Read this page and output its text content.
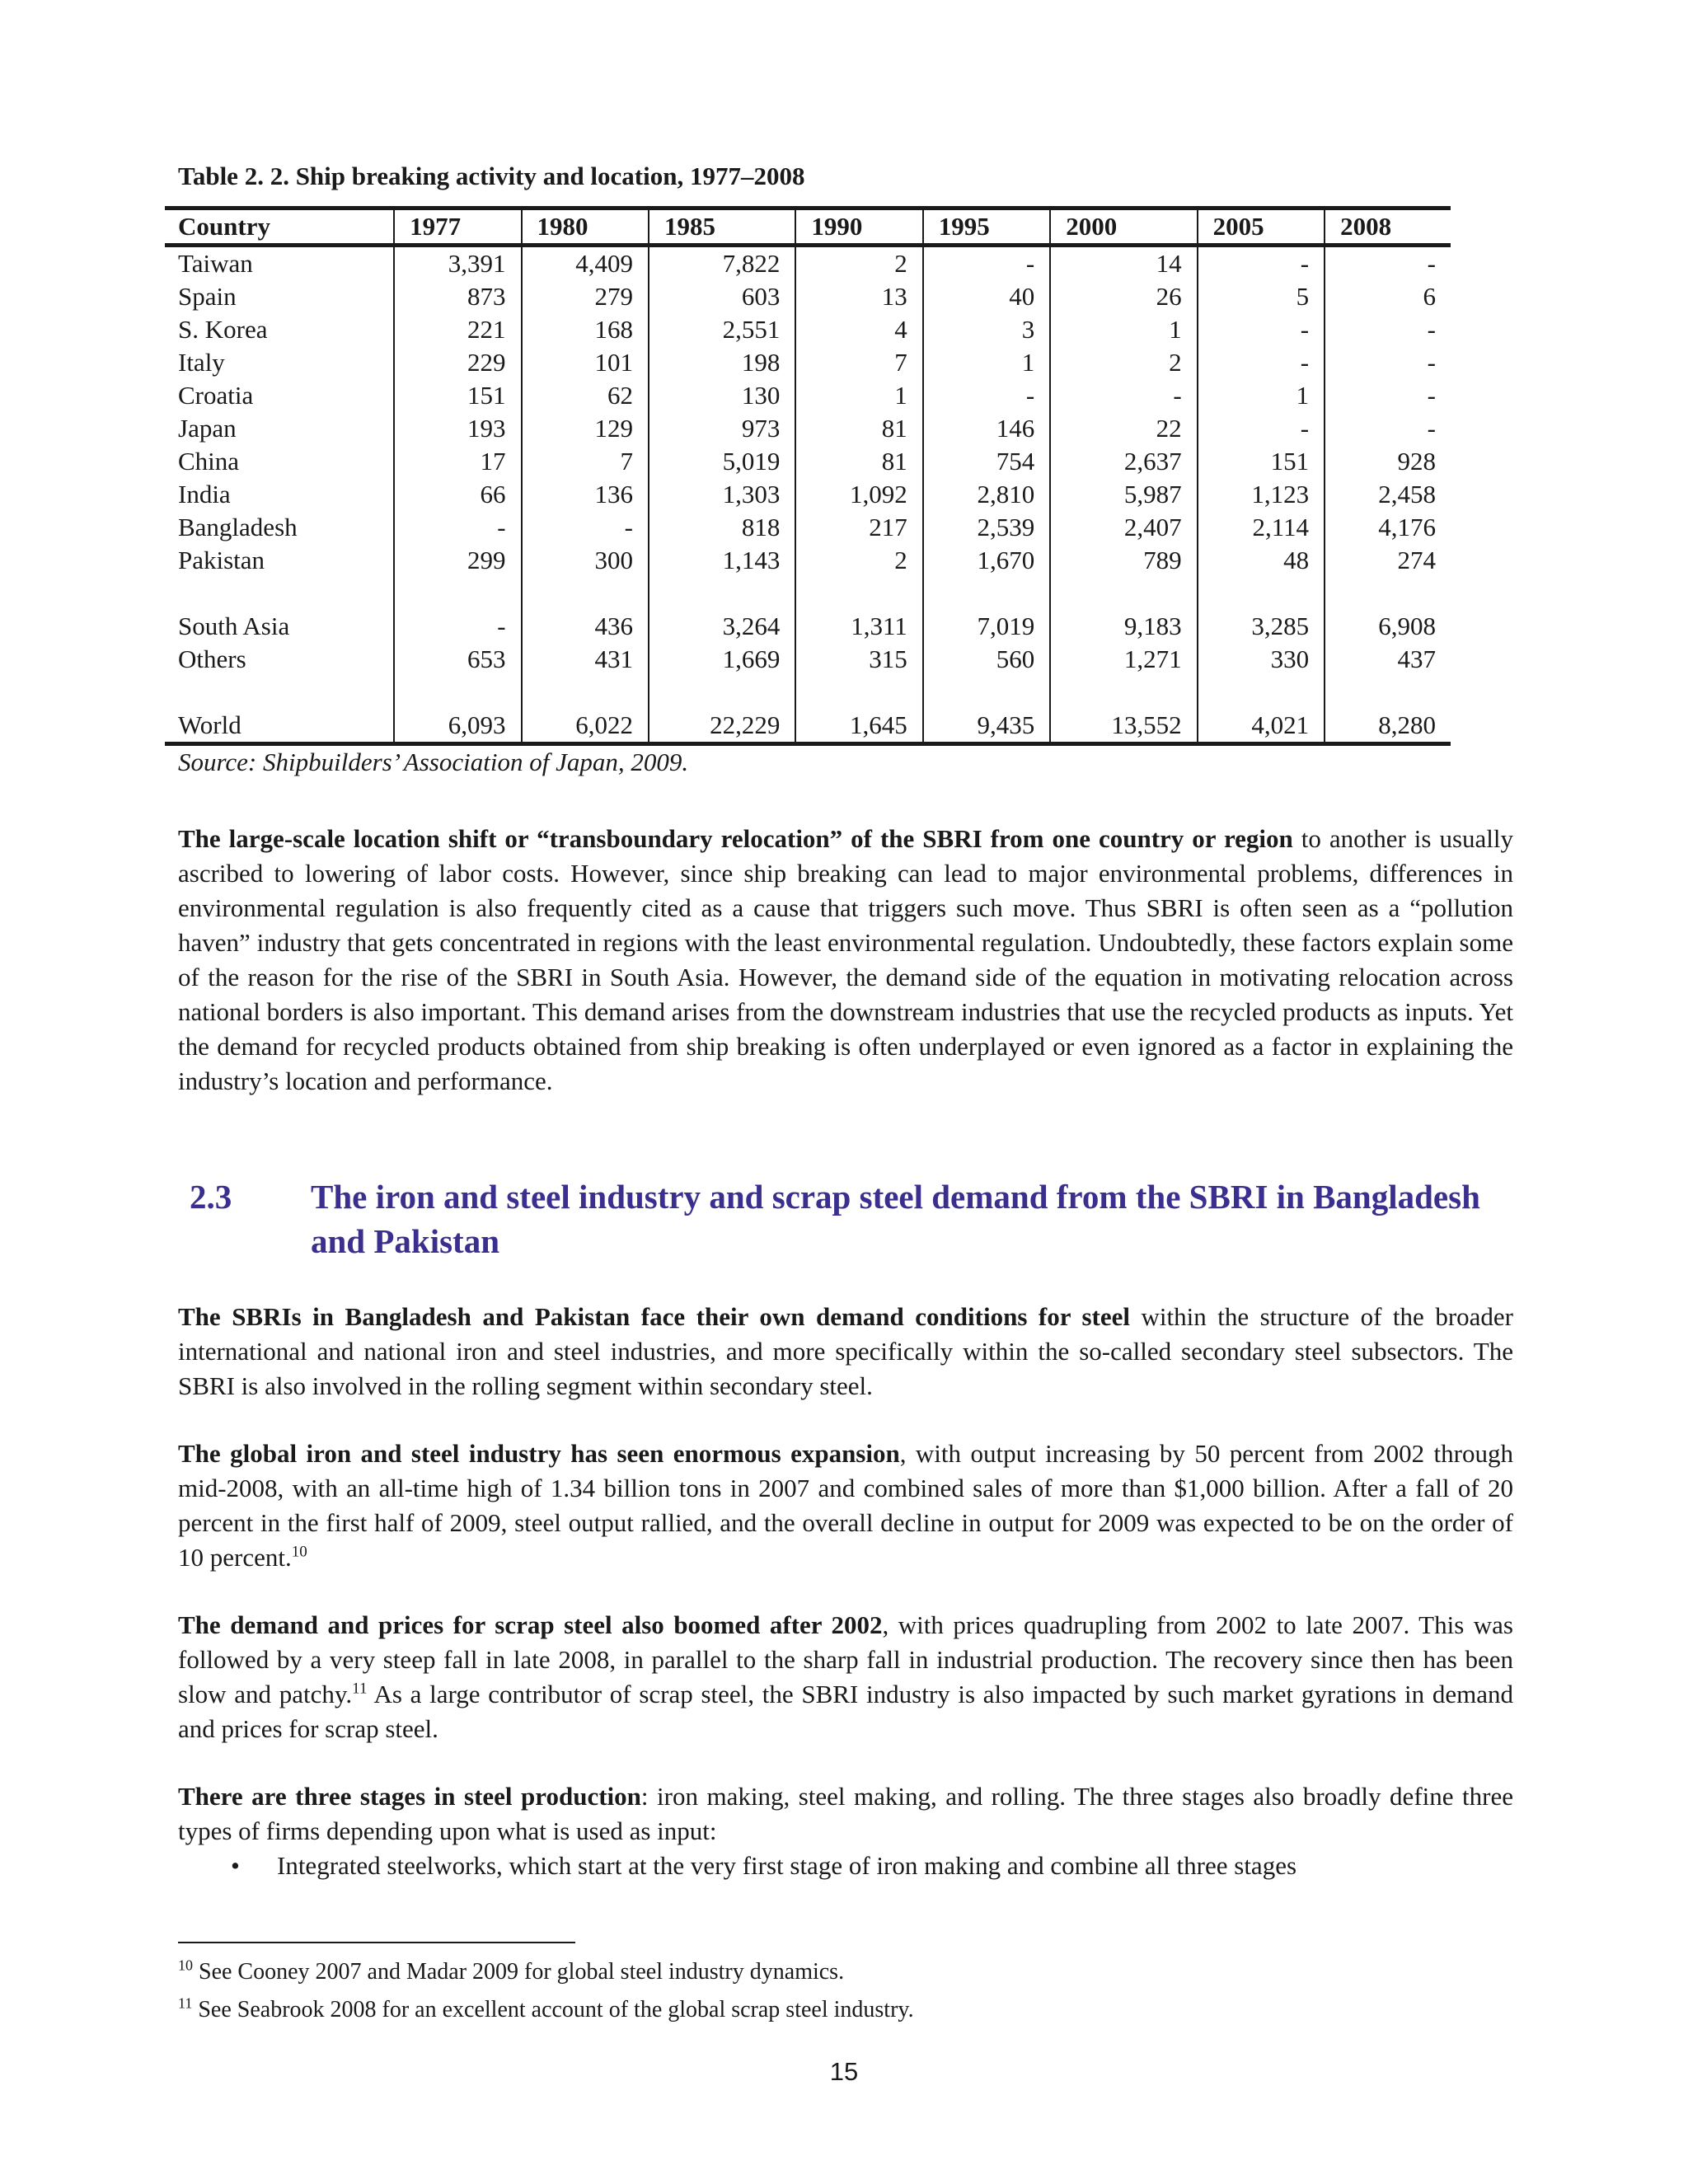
Table 2. 2. Ship breaking activity and location, 1977–2008
Country	1977	1980	1985	1990	1995	2000	2005	2008
Taiwan	3,391	4,409	7,822	2	-	14	-	-
Spain	873	279	603	13	40	26	5	6
S. Korea	221	168	2,551	4	3	1	-	-
Italy	229	101	198	7	1	2	-	-
Croatia	151	62	130	1	-	-	1	-
Japan	193	129	973	81	146	22	-	-
China	17	7	5,019	81	754	2,637	151	928
India	66	136	1,303	1,092	2,810	5,987	1,123	2,458
Bangladesh	-	-	818	217	2,539	2,407	2,114	4,176
Pakistan	299	300	1,143	2	1,670	789	48	274

South Asia	-	436	3,264	1,311	7,019	9,183	3,285	6,908
Others	653	431	1,669	315	560	1,271	330	437

World	6,093	6,022	22,229	1,645	9,435	13,552	4,021	8,280
Source: Shipbuilders’ Association of Japan, 2009.

The large-scale location shift or “transboundary relocation” of the SBRI from one country or region to another is usually ascribed to lowering of labor costs. However, since ship breaking can lead to major environmental problems, differences in environmental regulation is also frequently cited as a cause that triggers such move. Thus SBRI is often seen as a “pollution haven” industry that gets concentrated in regions with the least environmental regulation. Undoubtedly, these factors explain some of the reason for the rise of the SBRI in South Asia. However, the demand side of the equation in motivating relocation across national borders is also important. This demand arises from the downstream industries that use the recycled products as inputs. Yet the demand for recycled products obtained from ship breaking is often underplayed or even ignored as a factor in explaining the industry’s location and performance.

2.3	The iron and steel industry and scrap steel demand from the SBRI in Bangladesh and Pakistan

The SBRIs in Bangladesh and Pakistan face their own demand conditions for steel within the structure of the broader international and national iron and steel industries, and more specifically within the so-called secondary steel subsectors. The SBRI is also involved in the rolling segment within secondary steel.

The global iron and steel industry has seen enormous expansion, with output increasing by 50 percent from 2002 through mid-2008, with an all-time high of 1.34 billion tons in 2007 and combined sales of more than $1,000 billion. After a fall of 20 percent in the first half of 2009, steel output rallied, and the overall decline in output for 2009 was expected to be on the order of 10 percent.$^{10}$

The demand and prices for scrap steel also boomed after 2002, with prices quadrupling from 2002 to late 2007. This was followed by a very steep fall in late 2008, in parallel to the sharp fall in industrial production. The recovery since then has been slow and patchy.$^{11}$ As a large contributor of scrap steel, the SBRI industry is also impacted by such market gyrations in demand and prices for scrap steel.

There are three stages in steel production: iron making, steel making, and rolling. The three stages also broadly define three types of firms depending upon what is used as input:

•	Integrated steelworks, which start at the very first stage of iron making and combine all three stages
$^{10}$ See Cooney 2007 and Madar 2009 for global steel industry dynamics.
$^{11}$ See Seabrook 2008 for an excellent account of the global scrap steel industry.
15
